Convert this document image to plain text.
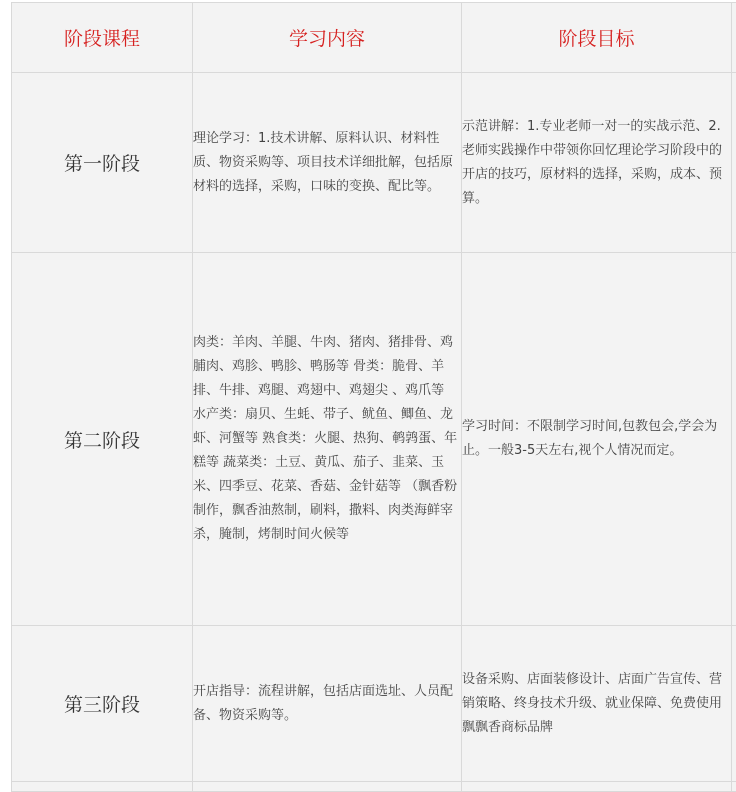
阶段课程	学习内容	阶段目标	
第一阶段	理论学习：1.技术讲解、原料认识、材料性质、物资采购等、项目技术详细批解，包括原材料的选择，采购，口味的变换、配比等。	示范讲解：1.专业老师一对一的实战示范、2.老师实践操作中带领你回忆理论学习阶段中的开店的技巧，原材料的选择，采购，成本、预算。	

第二阶段	肉类：羊肉、羊腿、牛肉、猪肉、猪排骨、鸡脯肉、鸡胗、鸭胗、鸭肠等 骨类：脆骨、羊排、牛排、鸡腿、鸡翅中、鸡翅尖 、鸡爪等 水产类：扇贝、生蚝、带子、鱿鱼、鲫鱼、龙虾、河蟹等 熟食类：火腿、热狗、鹌鹑蛋、年糕等 蔬菜类：土豆、黄瓜、茄子、韭菜、玉米、四季豆、花菜、香菇、金针菇等 （飘香粉制作，飘香油熬制，刷料，撒料、肉类海鲜宰杀，腌制，烤制时间火候等	学习时间：不限制学习时间,包教包会,学会为止。一般3-5天左右,视个人情况而定。	

第三阶段	开店指导：流程讲解，包括店面选址、人员配备、物资采购等。	设备采购、店面装修设计、店面广告宣传、营销策略、终身技术升级、就业保障、免费使用飘飘香商标品牌	
